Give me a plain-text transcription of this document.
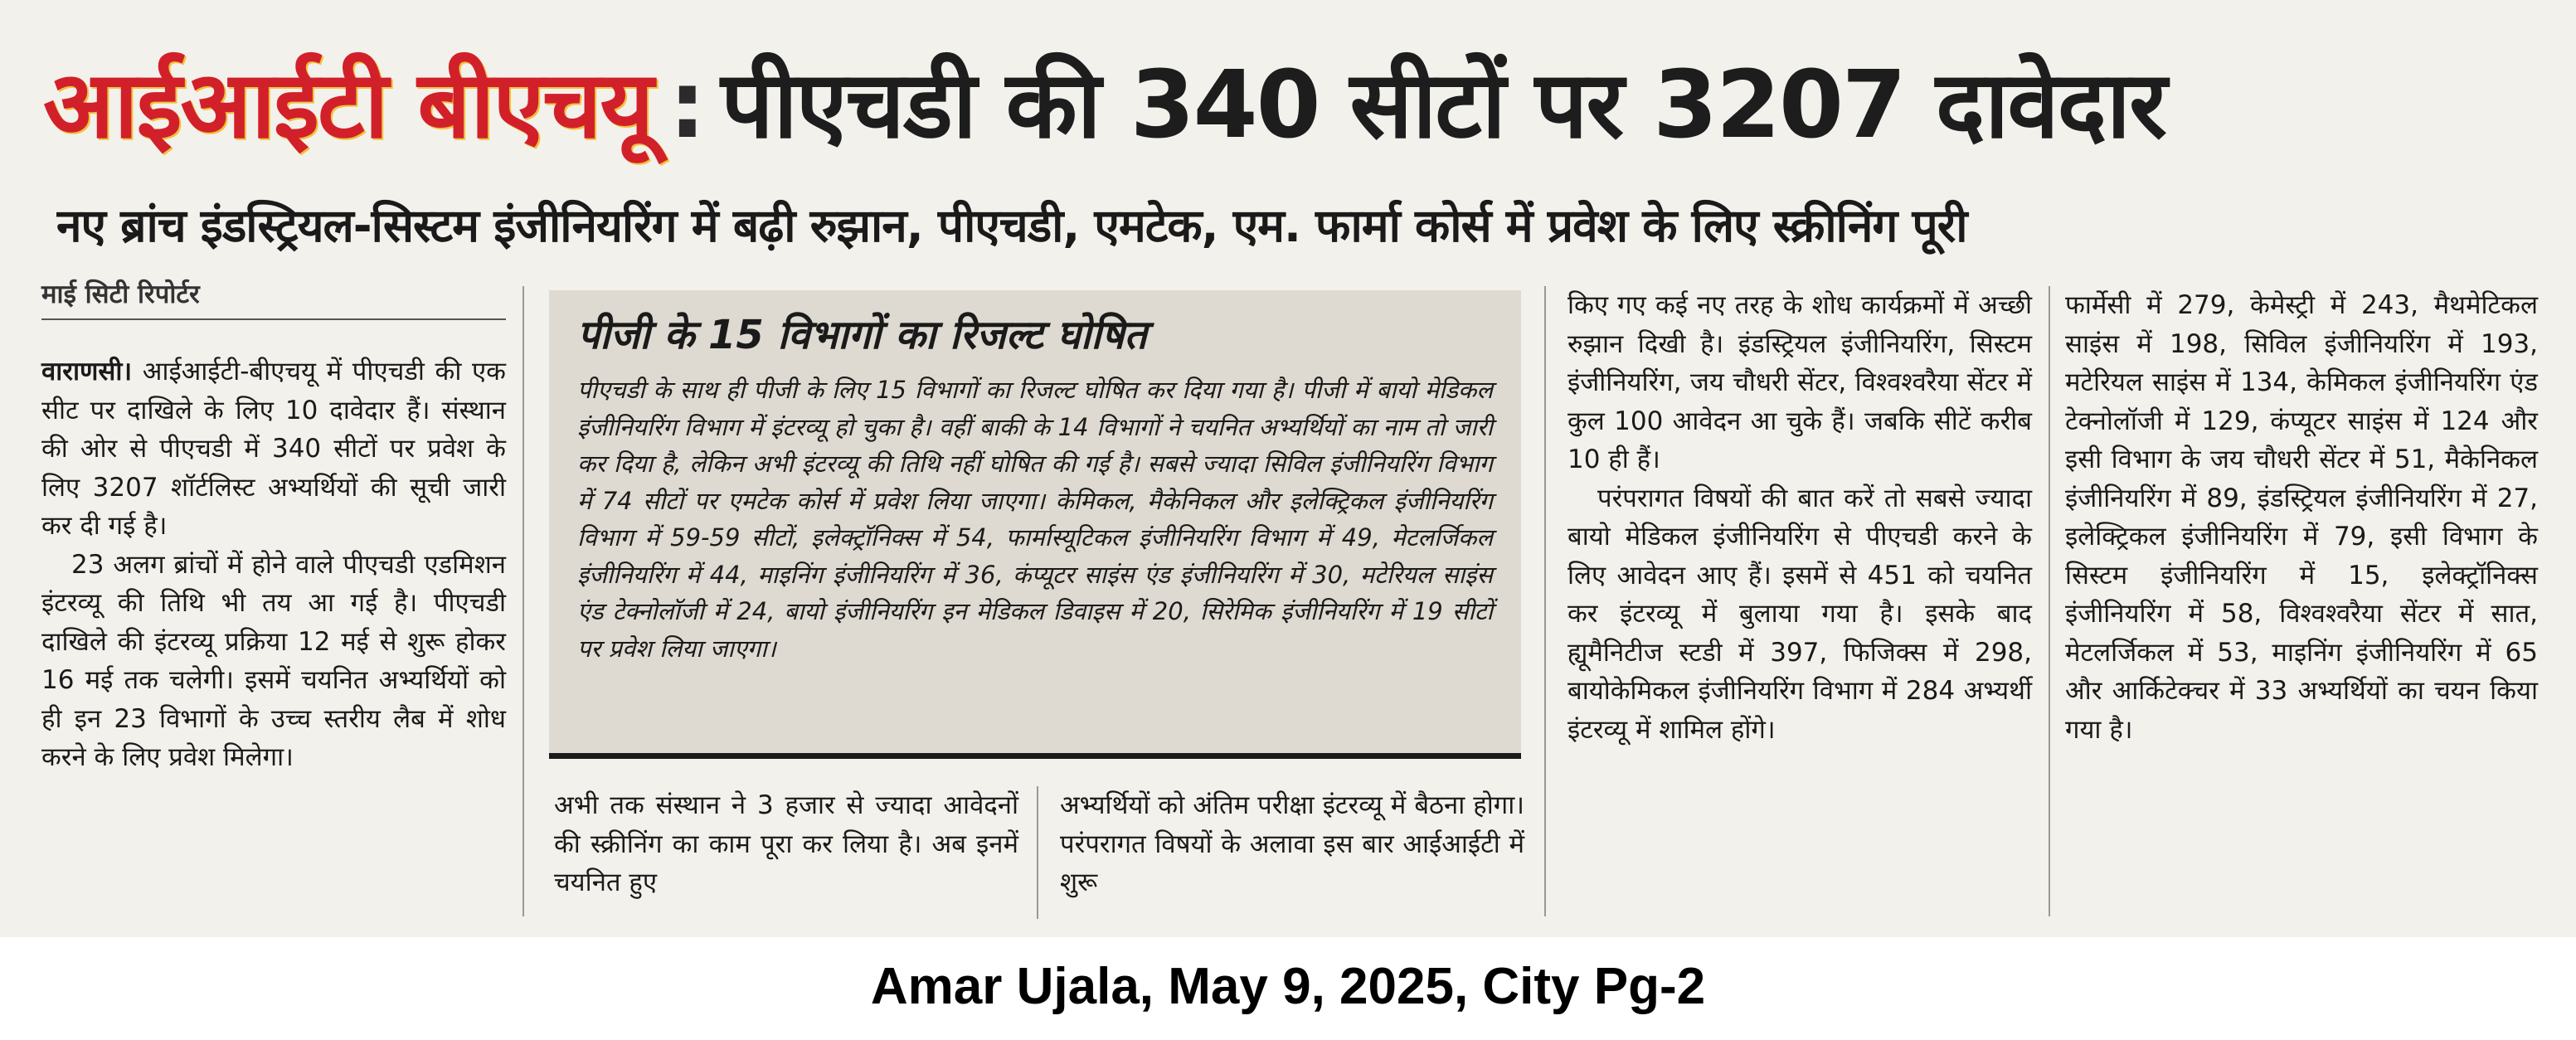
आईआईटी बीएचयू : पीएचडी की 340 सीटों पर 3207 दावेदार
नए ब्रांच इंडस्ट्रियल-सिस्टम इंजीनियरिंग में बढ़ी रुझान, पीएचडी, एमटेक, एम. फार्मा कोर्स में प्रवेश के लिए स्क्रीनिंग पूरी
माई सिटी रिपोर्टर

वाराणसी। आईआईटी-बीएचयू में पीएचडी की एक सीट पर दाखिले के लिए 10 दावेदार हैं। संस्थान की ओर से पीएचडी में 340 सीटों पर प्रवेश के लिए 3207 शॉर्टलिस्ट अभ्यर्थियों की सूची जारी कर दी गई है।

23 अलग ब्रांचों में होने वाले पीएचडी एडमिशन इंटरव्यू की तिथि भी तय आ गई है। पीएचडी दाखिले की इंटरव्यू प्रक्रिया 12 मई से शुरू होकर 16 मई तक चलेगी। इसमें चयनित अभ्यर्थियों को ही इन 23 विभागों के उच्च स्तरीय लैब में शोध करने के लिए प्रवेश मिलेगा।

पीजी के 15 विभागों का रिजल्ट घोषित
पीएचडी के साथ ही पीजी के लिए 15 विभागों का रिजल्ट घोषित कर दिया गया है। पीजी में बायो मेडिकल इंजीनियरिंग विभाग में इंटरव्यू हो चुका है। वहीं बाकी के 14 विभागों ने चयनित अभ्यर्थियों का नाम तो जारी कर दिया है, लेकिन अभी इंटरव्यू की तिथि नहीं घोषित की गई है। सबसे ज्यादा सिविल इंजीनियरिंग विभाग में 74 सीटों पर एमटेक कोर्स में प्रवेश लिया जाएगा। केमिकल, मैकेनिकल और इलेक्ट्रिकल इंजीनियरिंग विभाग में 59-59 सीटों, इलेक्ट्रॉनिक्स में 54, फार्मास्यूटिकल इंजीनियरिंग विभाग में 49, मेटलर्जिकल इंजीनियरिंग में 44, माइनिंग इंजीनियरिंग में 36, कंप्यूटर साइंस एंड इंजीनियरिंग में 30, मटेरियल साइंस एंड टेक्नोलॉजी में 24, बायो इंजीनियरिंग इन मेडिकल डिवाइस में 20, सिरेमिक इंजीनियरिंग में 19 सीटों पर प्रवेश लिया जाएगा।

अभी तक संस्थान ने 3 हजार से ज्यादा आवेदनों की स्क्रीनिंग का काम पूरा कर लिया है। अब इनमें चयनित हुए

अभ्यर्थियों को अंतिम परीक्षा इंटरव्यू में बैठना होगा। परंपरागत विषयों के अलावा इस बार आईआईटी में शुरू

किए गए कई नए तरह के शोध कार्यक्रमों में अच्छी रुझान दिखी है। इंडस्ट्रियल इंजीनियरिंग, सिस्टम इंजीनियरिंग, जय चौधरी सेंटर, विश्वश्वरैया सेंटर में कुल 100 आवेदन आ चुके हैं। जबकि सीटें करीब 10 ही हैं।

परंपरागत विषयों की बात करें तो सबसे ज्यादा बायो मेडिकल इंजीनियरिंग से पीएचडी करने के लिए आवेदन आए हैं। इसमें से 451 को चयनित कर इंटरव्यू में बुलाया गया है। इसके बाद ह्यूमैनिटीज स्टडी में 397, फिजिक्स में 298, बायोकेमिकल इंजीनियरिंग विभाग में 284 अभ्यर्थी इंटरव्यू में शामिल होंगे।

फार्मेसी में 279, केमेस्ट्री में 243, मैथमेटिकल साइंस में 198, सिविल इंजीनियरिंग में 193, मटेरियल साइंस में 134, केमिकल इंजीनियरिंग एंड टेक्नोलॉजी में 129, कंप्यूटर साइंस में 124 और इसी विभाग के जय चौधरी सेंटर में 51, मैकेनिकल इंजीनियरिंग में 89, इंडस्ट्रियल इंजीनियरिंग में 27, इलेक्ट्रिकल इंजीनियरिंग में 79, इसी विभाग के सिस्टम इंजीनियरिंग में 15, इलेक्ट्रॉनिक्स इंजीनियरिंग में 58, विश्वश्वरैया सेंटर में सात, मेटलर्जिकल में 53, माइनिंग इंजीनियरिंग में 65 और आर्किटेक्चर में 33 अभ्यर्थियों का चयन किया गया है।

Amar Ujala, May 9, 2025, City Pg-2
